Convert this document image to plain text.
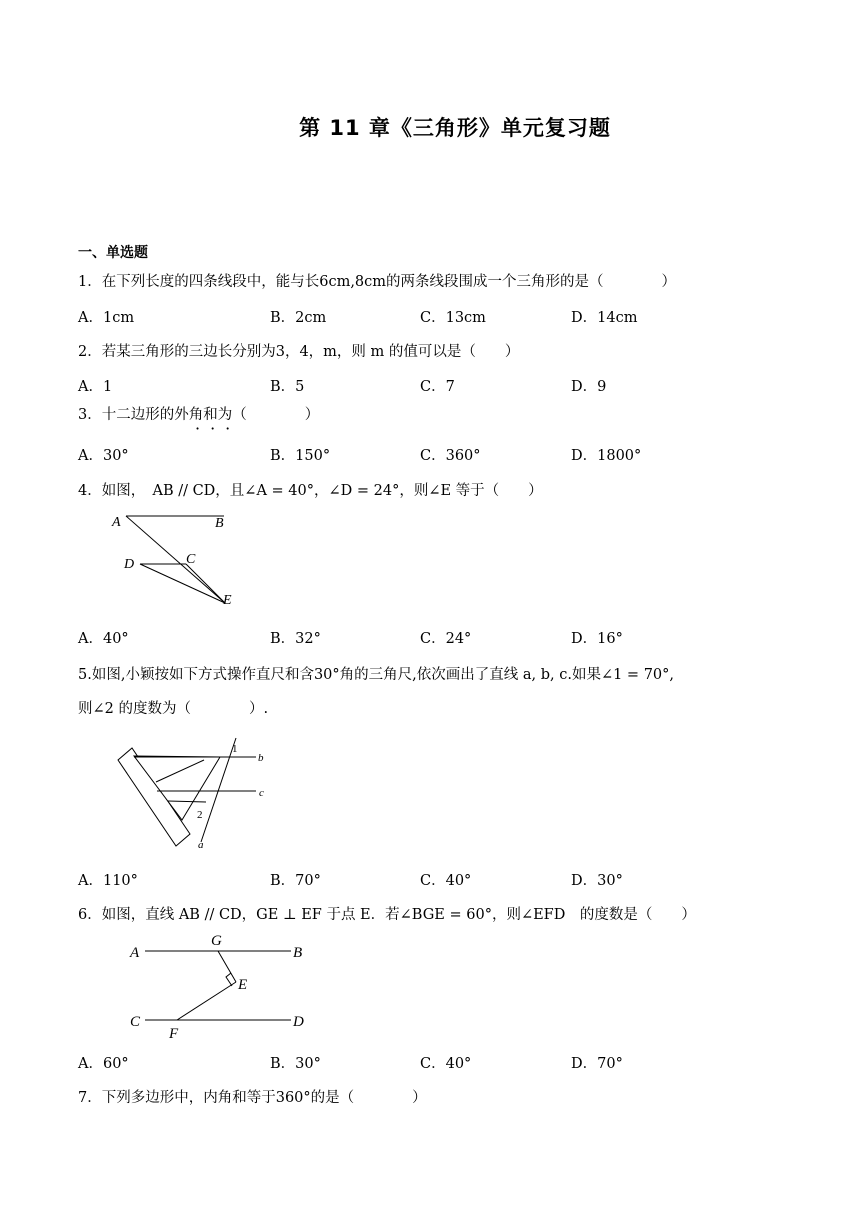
第 11 章《三角形》单元复习题
一、单选题
1．在下列长度的四条线段中，能与长6cm,8cm的两条线段围成一个三角形的是（　　　　）
A．1cm	B．2cm	C．13cm	D．14cm
2．若某三角形的三边长分别为3，4，m，则 m 的值可以是（　　）
A．1	B．5	C．7	D．9
3．十二边形的外角和为（　　　　）
···
A．30°	B．150°	C．360°	D．1800°
4．如图，　AB // CD，且∠A = 40°，∠D = 24°，则∠E 等于（　　）
A	B
C
D
E
A．40°	B．32°	C．24°	D．16°
5.如图,小颖按如下方式操作直尺和含30°角的三角尺,依次画出了直线 a, b, c.如果∠1 = 70°,
则∠2 的度数为（　　　　）.
1
2
a
b
c
A．110°	B．70°	C．40°	D．30°
6．如图，直线 AB // CD，GE ⊥ EF 于点 E．若∠BGE = 60°，则∠EFD　的度数是（　　）
A
G
B
E
C
F
D
A．60°	B．30°	C．40°	D．70°
7．下列多边形中，内角和等于360°的是（　　　　）
